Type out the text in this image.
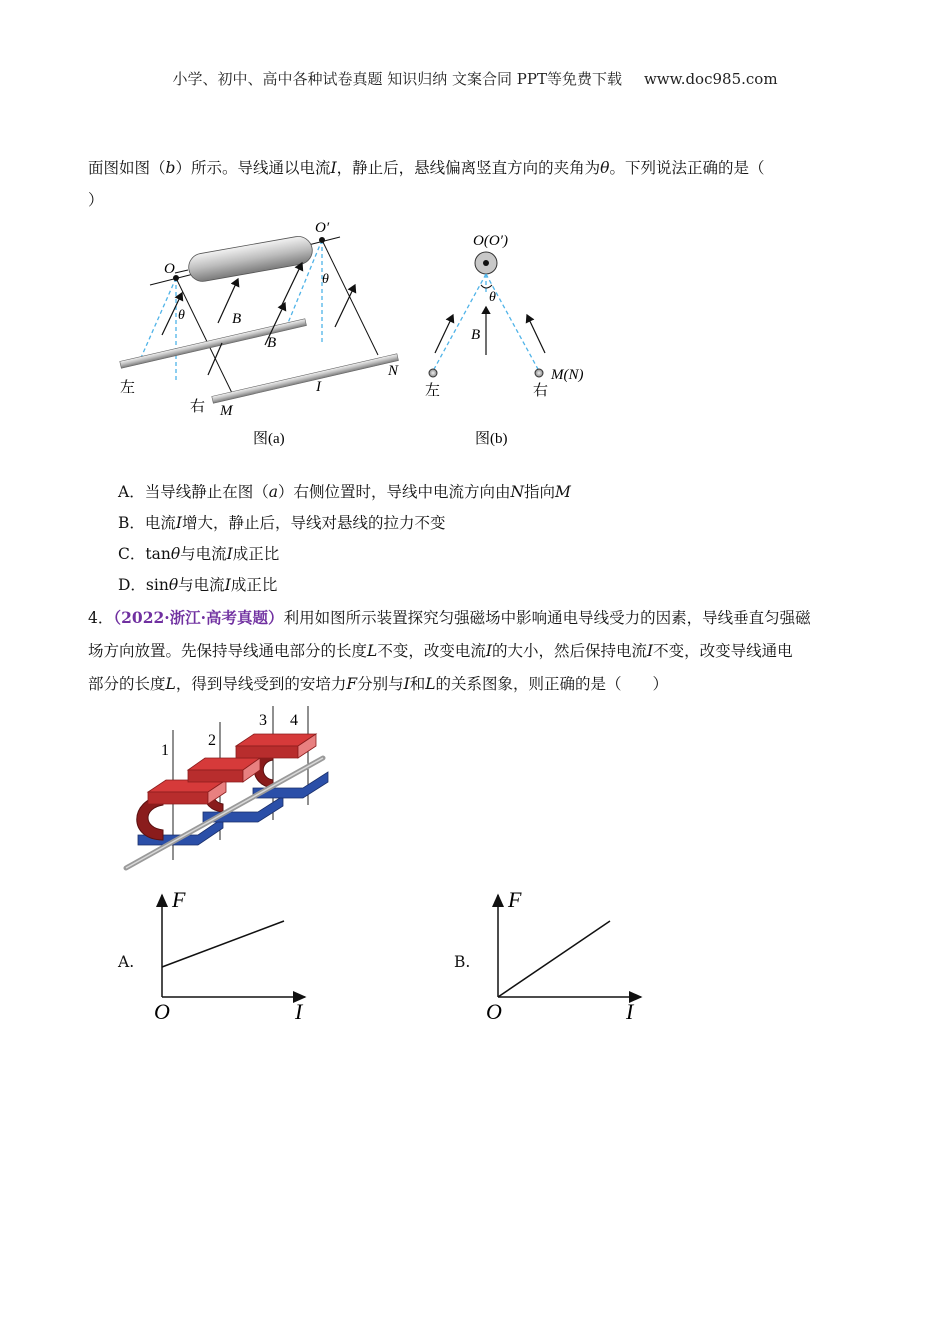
小学、初中、高中各种试卷真题 知识归纳 文案合同 PPT等免费下载 www.doc985.com
面图如图（b）所示。导线通以电流I，静止后，悬线偏离竖直方向的夹角为θ。下列说法正确的是（
）
O
O′
θ
θ
B
B
左
右 M
N
I
图(a)
O(O′)
θ
B
左	右
M(N)
图(b)
A．当导线静止在图（a）右侧位置时，导线中电流方向由N指向M
B．电流I增大，静止后，导线对悬线的拉力不变
C．tanθ与电流I成正比
D．sinθ与电流I成正比
4．（2022·浙江·高考真题）利用如图所示装置探究匀强磁场中影响通电导线受力的因素，导线垂直匀强磁
场方向放置。先保持导线通电部分的长度L不变，改变电流I的大小，然后保持电流I不变，改变导线通电
部分的长度L，得到导线受到的安培力F分别与I和L的关系图象，则正确的是（　　）
1
2
3 4
A.
F
I
O
B.
F
I
O
